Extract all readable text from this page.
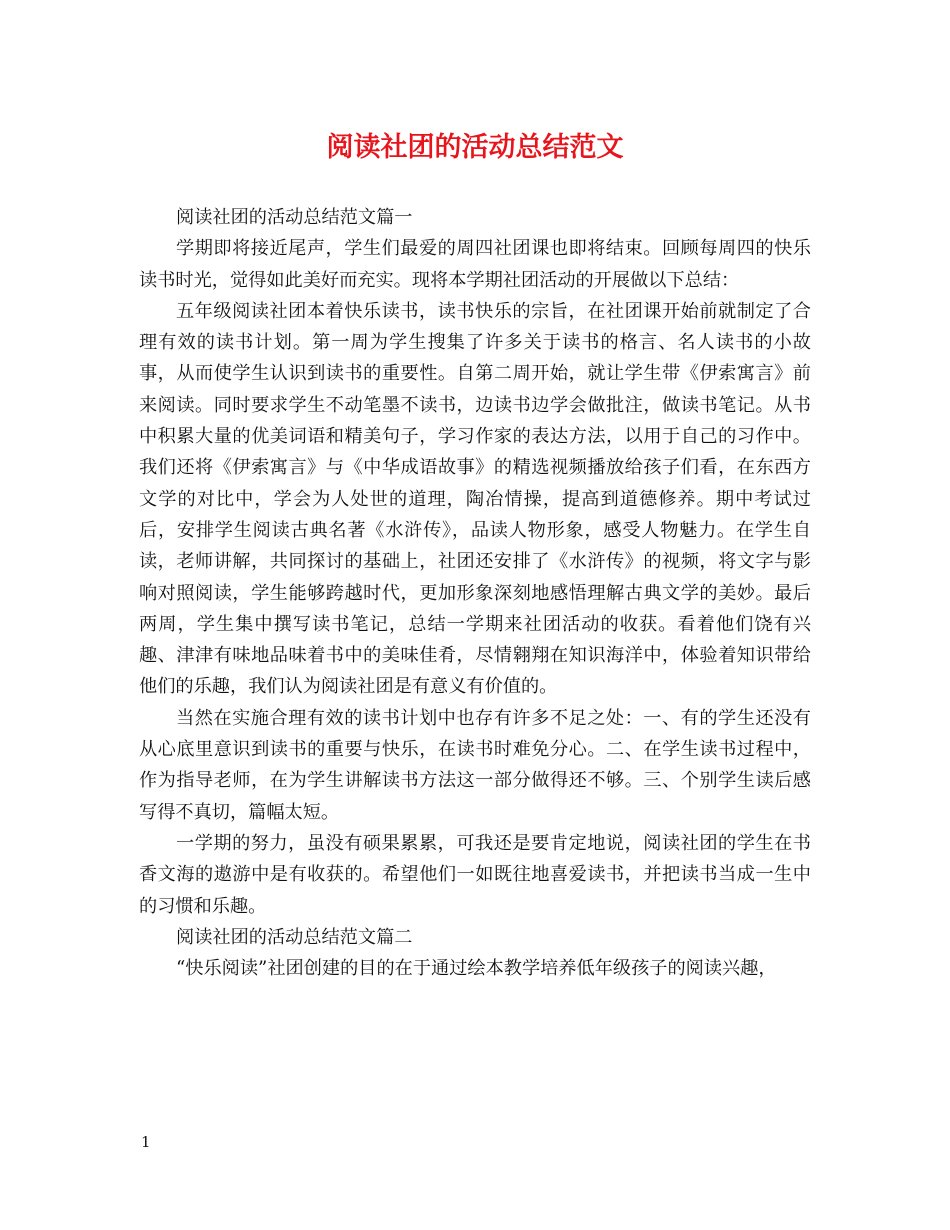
阅读社团的活动总结范文

阅读社团的活动总结范文篇一

学期即将接近尾声，学生们最爱的周四社团课也即将结束。回顾每周四的快乐读书时光，觉得如此美好而充实。现将本学期社团活动的开展做以下总结：

五年级阅读社团本着快乐读书，读书快乐的宗旨，在社团课开始前就制定了合理有效的读书计划。第一周为学生搜集了许多关于读书的格言、名人读书的小故事，从而使学生认识到读书的重要性。自第二周开始，就让学生带《伊索寓言》前来阅读。同时要求学生不动笔墨不读书，边读书边学会做批注，做读书笔记。从书中积累大量的优美词语和精美句子，学习作家的表达方法，以用于自己的习作中。我们还将《伊索寓言》与《中华成语故事》的精选视频播放给孩子们看，在东西方文学的对比中，学会为人处世的道理，陶冶情操，提高到道德修养。期中考试过后，安排学生阅读古典名著《水浒传》，品读人物形象，感受人物魅力。在学生自读，老师讲解，共同探讨的基础上，社团还安排了《水浒传》的视频，将文字与影响对照阅读，学生能够跨越时代，更加形象深刻地感悟理解古典文学的美妙。最后两周，学生集中撰写读书笔记，总结一学期来社团活动的收获。看着他们饶有兴趣、津津有味地品味着书中的美味佳肴，尽情翱翔在知识海洋中，体验着知识带给他们的乐趣，我们认为阅读社团是有意义有价值的。

当然在实施合理有效的读书计划中也存有许多不足之处：一、有的学生还没有从心底里意识到读书的重要与快乐，在读书时难免分心。二、在学生读书过程中，作为指导老师，在为学生讲解读书方法这一部分做得还不够。三、个别学生读后感写得不真切，篇幅太短。

一学期的努力，虽没有硕果累累，可我还是要肯定地说，阅读社团的学生在书香文海的遨游中是有收获的。希望他们一如既往地喜爱读书，并把读书当成一生中的习惯和乐趣。

阅读社团的活动总结范文篇二

“快乐阅读”社团创建的目的在于通过绘本教学培养低年级孩子的阅读兴趣，

1
